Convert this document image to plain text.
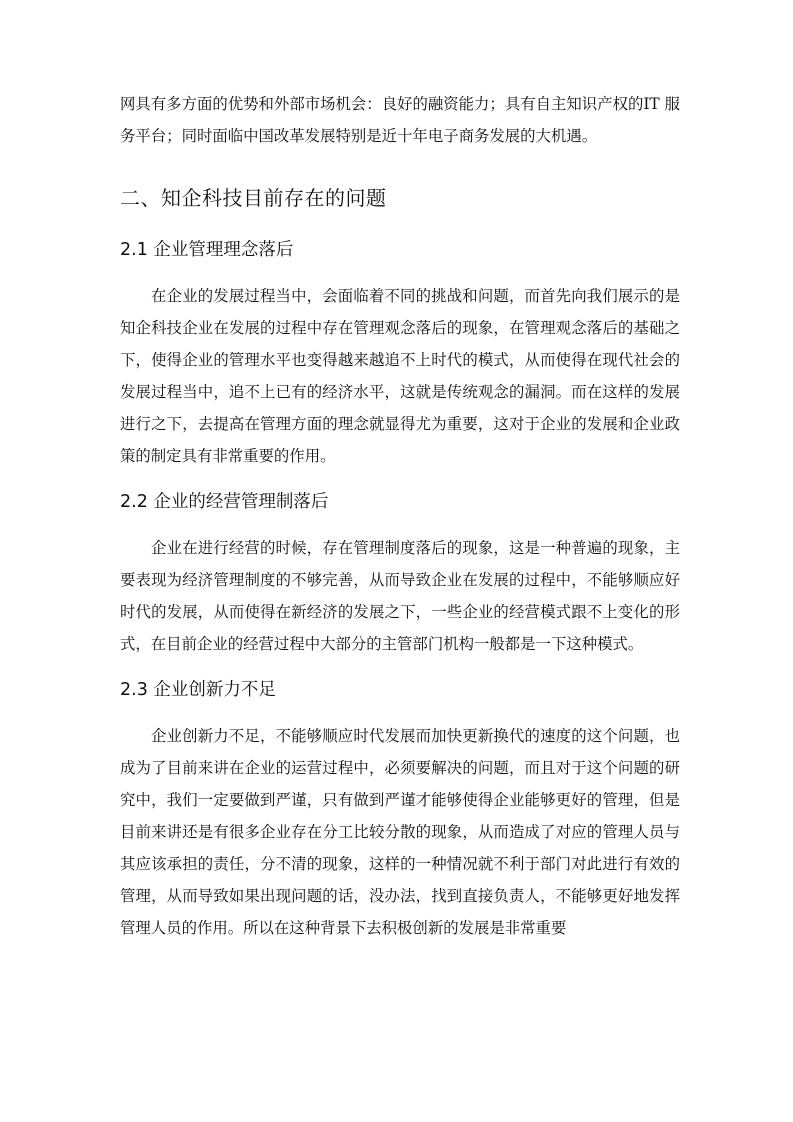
网具有多方面的优势和外部市场机会：良好的融资能力；具有自主知识产权的IT 服务平台；同时面临中国改革发展特别是近十年电子商务发展的大机遇。

二、知企科技目前存在的问题
2.1 企业管理理念落后

在企业的发展过程当中，会面临着不同的挑战和问题，而首先向我们展示的是知企科技企业在发展的过程中存在管理观念落后的现象，在管理观念落后的基础之下，使得企业的管理水平也变得越来越追不上时代的模式，从而使得在现代社会的发展过程当中，追不上已有的经济水平，这就是传统观念的漏洞。而在这样的发展进行之下，去提高在管理方面的理念就显得尤为重要，这对于企业的发展和企业政策的制定具有非常重要的作用。

2.2 企业的经营管理制落后

企业在进行经营的时候，存在管理制度落后的现象，这是一种普遍的现象，主要表现为经济管理制度的不够完善，从而导致企业在发展的过程中，不能够顺应好时代的发展，从而使得在新经济的发展之下，一些企业的经营模式跟不上变化的形式，在目前企业的经营过程中大部分的主管部门机构一般都是一下这种模式。

2.3 企业创新力不足

企业创新力不足，不能够顺应时代发展而加快更新换代的速度的这个问题，也成为了目前来讲在企业的运营过程中，必须要解决的问题，而且对于这个问题的研究中，我们一定要做到严谨，只有做到严谨才能够使得企业能够更好的管理，但是目前来讲还是有很多企业存在分工比较分散的现象，从而造成了对应的管理人员与其应该承担的责任，分不清的现象，这样的一种情况就不利于部门对此进行有效的管理，从而导致如果出现问题的话，没办法，找到直接负责人，不能够更好地发挥管理人员的作用。所以在这种背景下去积极创新的发展是非常重要
